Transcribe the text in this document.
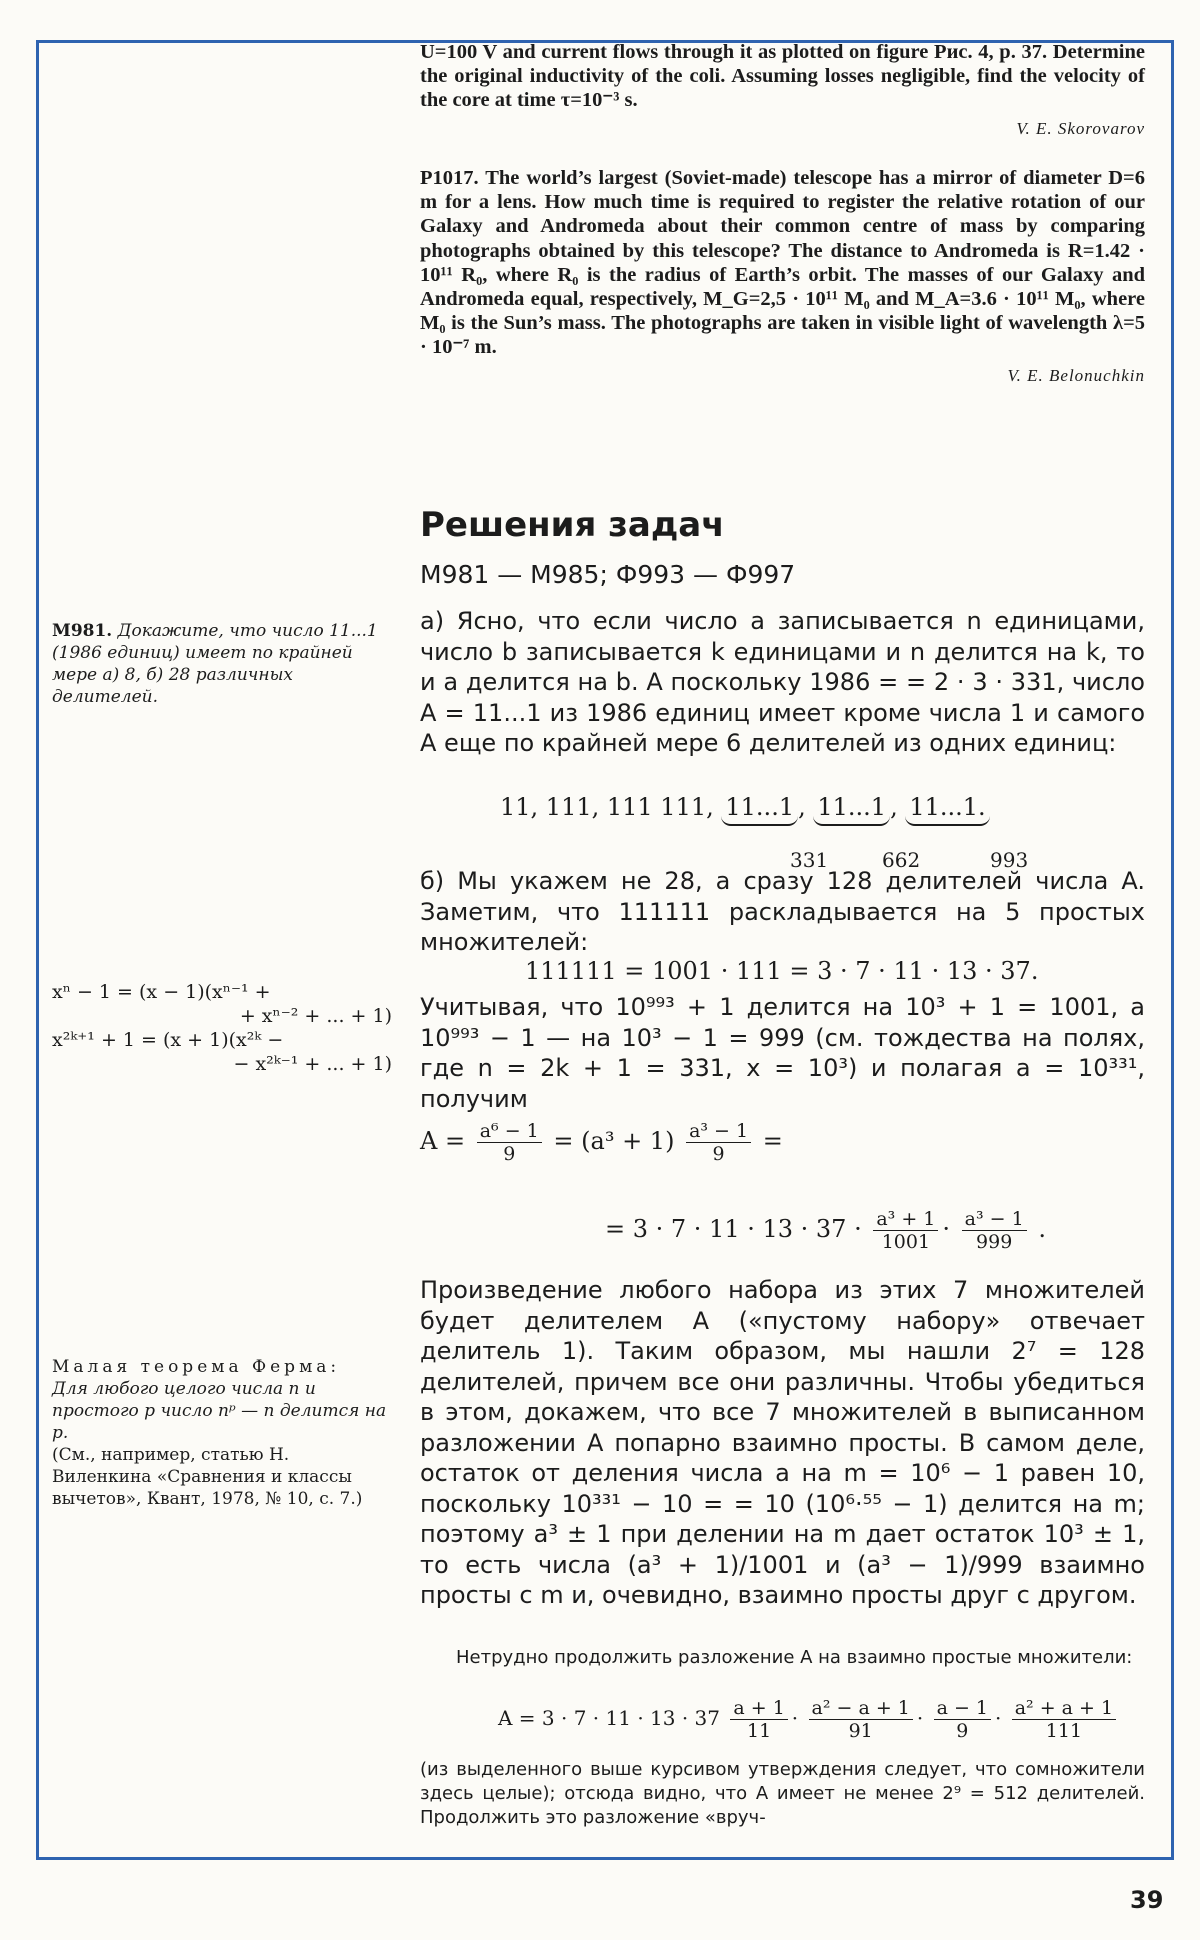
U=100 V and current flows through it as plotted on figure Рис. 4, p. 37. Determine the original inductivity of the coli. Assuming losses negligible, find the velocity of the core at time τ=10⁻³ s.

V. E. Skorovarov

P1017. The world’s largest (Soviet-made) telescope has a mirror of diameter D=6 m for a lens. How much time is required to register the relative rotation of our Galaxy and Andromeda about their common centre of mass by comparing photographs obtained by this telescope? The distance to Andromeda is R=1.42 · 10¹¹ R₀, where R₀ is the radius of Earth’s orbit. The masses of our Galaxy and Andromeda equal, respectively, M_G=2,5 · 10¹¹ M₀ and M_A=3.6 · 10¹¹ M₀, where M₀ is the Sun’s mass. The photographs are taken in visible light of wavelength λ=5 · 10⁻⁷ m.

V. E. Belonuchkin

Решения задач
M981 — M985; Ф993 — Ф997

M981. Докажите, что число 11...1 (1986 единиц) имеет по крайней мере а) 8, б) 28 различных делителей.

xⁿ − 1 = (x − 1)(xⁿ⁻¹ +
+ xⁿ⁻² + ... + 1)
x²ᵏ⁺¹ + 1 = (x + 1)(x²ᵏ −
− x²ᵏ⁻¹ + ... + 1)

Малая теорема Ферма:

Для любого целого числа n и простого p число nᵖ — n делится на p.

(См., например, статью Н. Виленкина «Сравнения и классы вычетов», Квант, 1978, № 10, с. 7.)

а) Ясно, что если число a записывается n единицами, число b записывается k единицами и n делится на k, то и a делится на b. А поскольку 1986 = = 2 · 3 · 331, число A = 11...1 из 1986 единиц имеет кроме числа 1 и самого A еще по крайней мере 6 делителей из одних единиц:

11, 111, 111 111, 11...1 , 11...1 , 11...1.
331	662	993

б) Мы укажем не 28, а сразу 128 делителей числа A. Заметим, что 111111 раскладывается на 5 простых множителей:

111111 = 1001 · 111 = 3 · 7 · 11 · 13 · 37.

Учитывая, что 10⁹⁹³ + 1 делится на 10³ + 1 = 1001, а 10⁹⁹³ − 1 — на 10³ − 1 = 999 (см. тождества на полях, где n = 2k + 1 = 331, x = 10³) и полагая a = 10³³¹, получим

$A = \frac{\text{a⁶ − 1}}{9} = (a^3 + 1) \frac{\text{a³ − 1}}{9}$ =
= $3 \cdot 7 \cdot 11 \cdot 13 \cdot 37 \cdot \frac{\text{a³ + 1}}{1001} \cdot \frac{\text{a³ − 1}}{999}$ .

Произведение любого набора из этих 7 множителей будет делителем A («пустому набору» отвечает делитель 1). Таким образом, мы нашли 2⁷ = 128 делителей, причем все они различны. Чтобы убедиться в этом, докажем, что все 7 множителей в выписанном разложении A попарно взаимно просты. В самом деле, остаток от деления числа a на m = 10⁶ − 1 равен 10, поскольку 10³³¹ − 10 = = 10 (10⁶·⁵⁵ − 1) делится на m; поэтому a³ ± 1 при делении на m дает остаток 10³ ± 1, то есть числа (a³ + 1)/1001 и (a³ − 1)/999 взаимно просты с m и, очевидно, взаимно просты друг с другом.

Нетрудно продолжить разложение A на взаимно простые множители:

$A = 3 \cdot 7 \cdot 11 \cdot 13 \cdot 37 \frac{a + 1}{11} \cdot \frac{\text{a² − a + 1}}{91} \cdot \frac{a - 1}{9} \cdot \frac{\text{a² + a + 1}}{111}$

(из выделенного выше курсивом утверждения следует, что сомножители здесь целые); отсюда видно, что A имеет не менее 2⁹ = 512 делителей. Продолжить это разложение «вруч-

39
